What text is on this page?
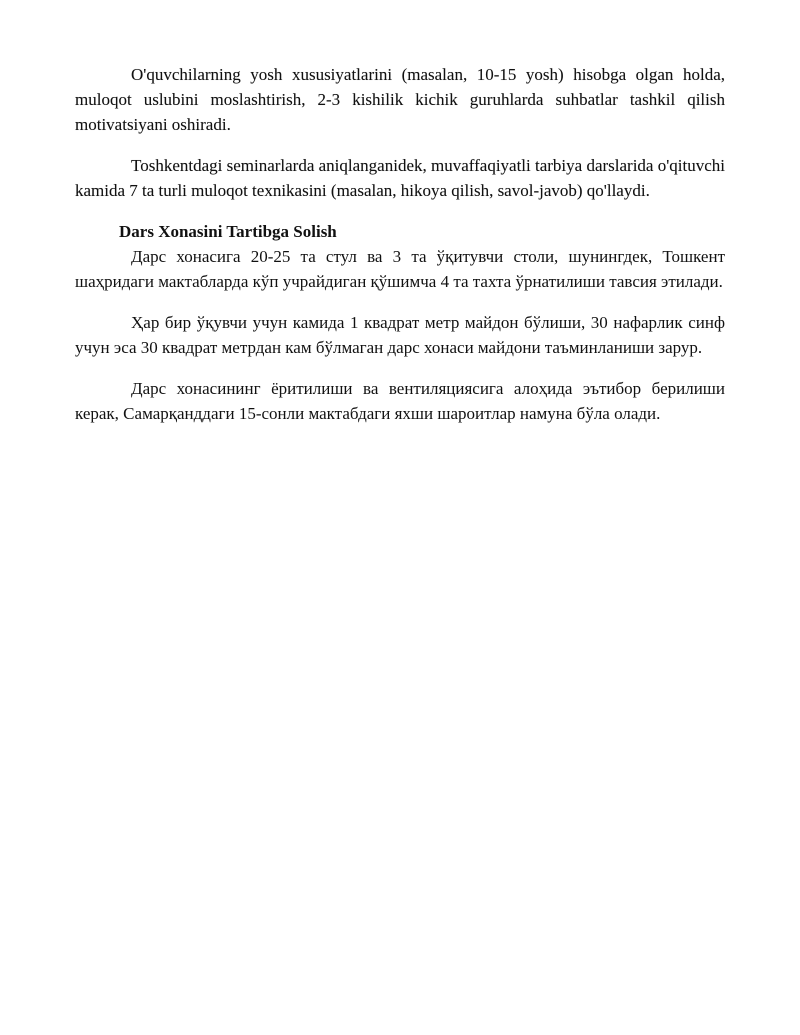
O'quvchilarning yosh xususiyatlarini (masalan, 10-15 yosh) hisobga olgan holda, muloqot uslubini moslashtirish, 2-3 kishilik kichik guruhlarda suhbatlar tashkil qilish motivatsiyani oshiradi.

Toshkentdagi seminarlarda aniqlanganidek, muvaffaqiyatli tarbiya darslarida o'qituvchi kamida 7 ta turli muloqot texnikasini (masalan, hikoya qilish, savol-javob) qo'llaydi.

Dars Xonasini Tartibga Solish

Дарс хонасига 20-25 та стул ва 3 та ўқитувчи столи, шунингдек, Тошкент шаҳридаги мактабларда кўп учрайдиган қўшимча 4 та тахта ўрнатилиши тавсия этилади.

Ҳар бир ўқувчи учун камида 1 квадрат метр майдон бўлиши, 30 нафарлик синф учун эса 30 квадрат метрдан кам бўлмаган дарс хонаси майдони таъминланиши зарур.

Дарс хонасининг ёритилиши ва вентиляциясига алоҳида эътибор берилиши керак, Самарқанддаги 15-сонли мактабдаги яхши шароитлар намуна бўла олади.
